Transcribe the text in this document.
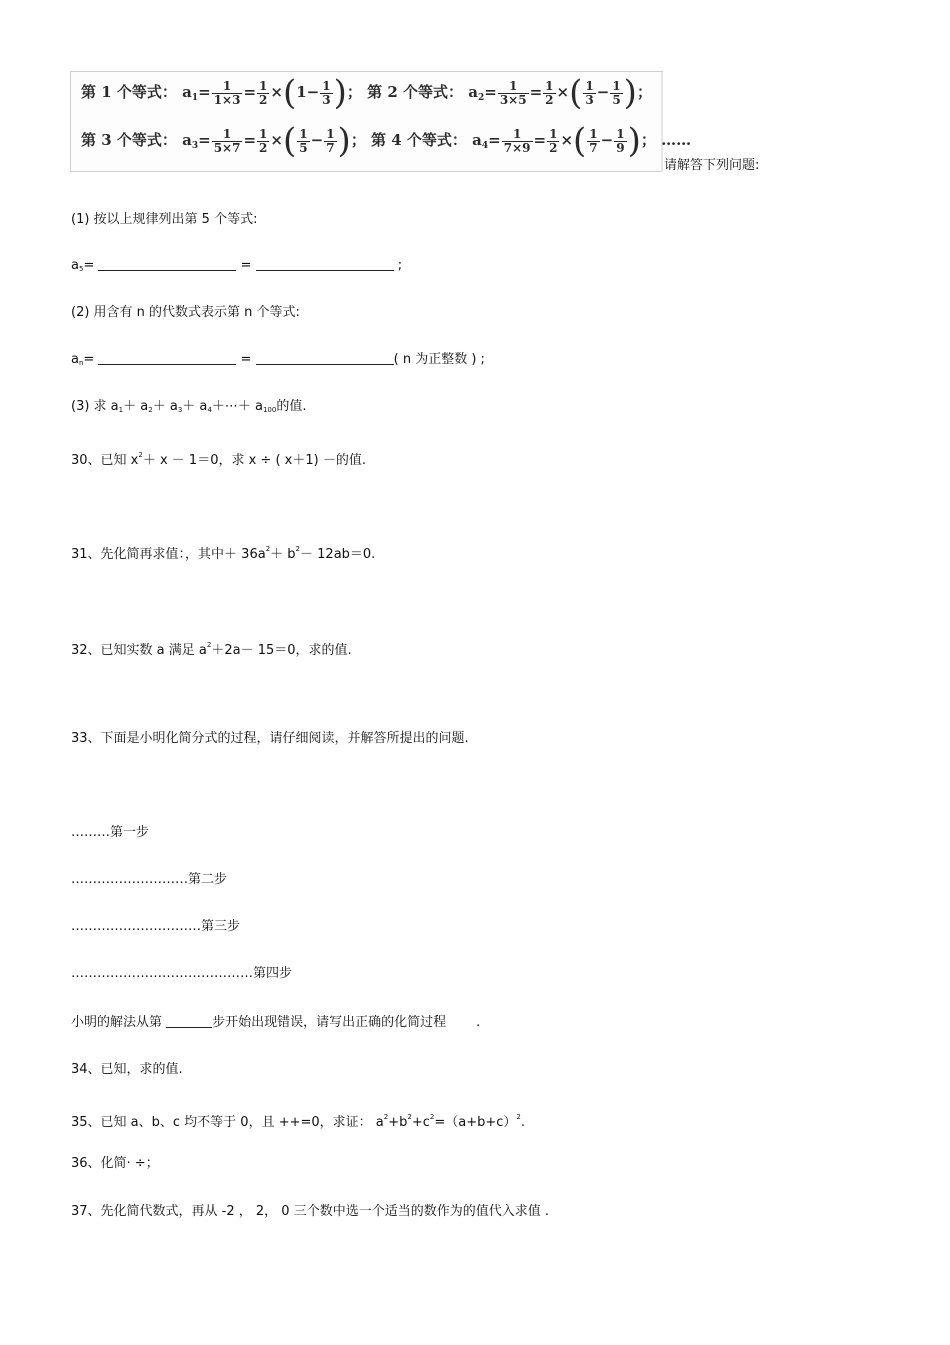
第 1 个等式： $a_1= \frac{1}{1\times 3} = \frac{1}{2} \times(1- \frac{1}{3}$ )； 第 2 个等式： $a_2= \frac{1}{3\times 5} = \frac{1}{2}$ ×( $\frac{1}{3} - \frac{1}{5}$ )；
第 3 个等式： $a_3= \frac{1}{5\times 7} = \frac{1}{2}$ ×( $\frac{1}{5} - \frac{1}{7}$ )； 第 4 个等式： $a_4= \frac{1}{7\times 9} = \frac{1}{2}$ ×( $\frac{1}{7} - \frac{1}{9}$ )； ……
请解答下列问题:
(1) 按以上规律列出第 5 个等式:
$a_5=$	=	;
(2) 用含有 n 的代数式表示第 n 个等式:
$a_n=$	=	( n 为正整数 ) ;
(3) 求 $a_1+ a_2+ a_3+$ $a_4+\cdots+ a_{100}$的值.
30、已知 $x^2+ x - 1=0$，求 x ÷ ( x＋1) －的值.
31、先化简再求值：，其中＋ $36a^2+ b^2- 12ab=0$.
32、已知实数 a 满足 $a^2+2a- 15=0$，求的值.
33、下面是小明化简分式的过程，请仔细阅读，并解答所提出的问题.
………第一步
………………………第二步
…………………………第三步
……………………………………第四步
小明的解法从第	步开始出现错误，请写出正确的化简过程 .
34、已知，求的值.
35、已知 a、b、c 均不等于 0，且 ++=0，求证： $a^2+b^2+c^2=(a+b+c)^2$.
36、化简· ÷；
37、先化简代数式，再从 -2 ， 2， 0 三个数中选一个适当的数作为的值代入求值 .
